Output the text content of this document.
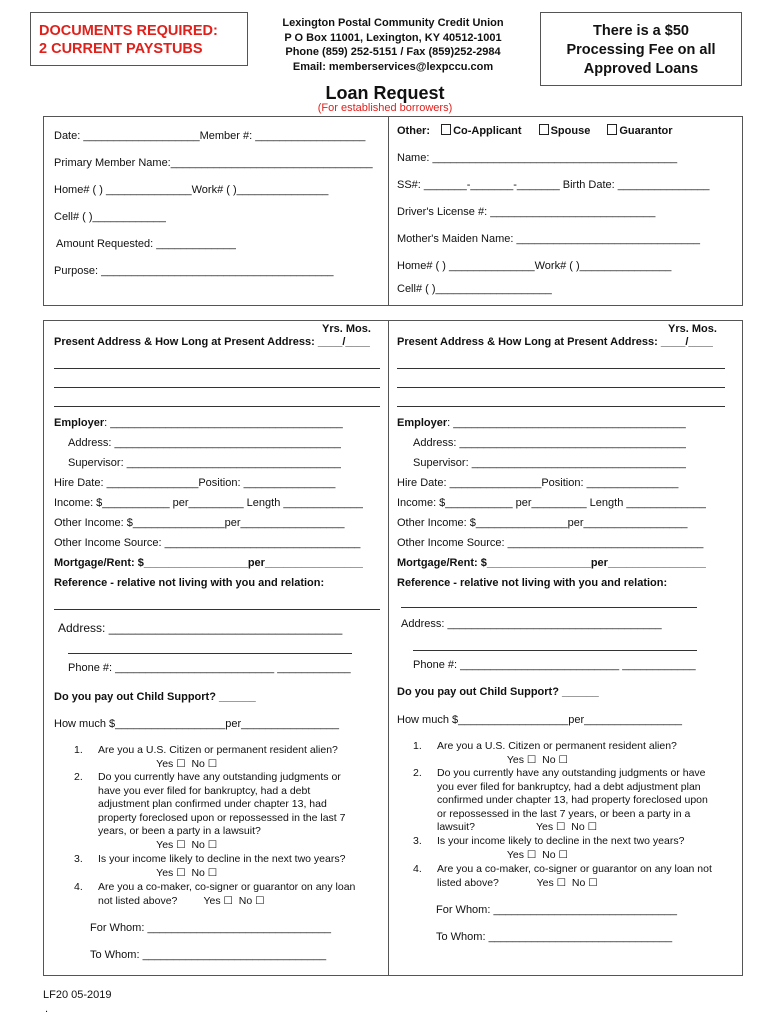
DOCUMENTS REQUIRED:
2 CURRENT PAYSTUBS
Lexington Postal Community Credit Union
P O Box 11001, Lexington, KY 40512-1001
Phone (859) 252-5151 / Fax (859)252-2984
Email: memberservices@lexpccu.com
There is a $50
Processing Fee on all
Approved Loans
Loan Request
(For established borrowers)
Date: ___________________Member #: __________________
Primary Member Name:_________________________________
Home# ( ) ______________Work# ( )_______________
Cell# ( )____________
Amount Requested: _____________
Purpose: ______________________________________
Other: Co-Applicant	Spouse	Guarantor
Name: ________________________________________
SS#: _______-_______-_______ Birth Date: _______________
Driver's License #: ___________________________
Mother's Maiden Name: ______________________________
Home# ( ) ______________Work# ( )_______________
Cell# ( )___________________
Yrs. Mos.
Present Address & How Long at Present Address: ____/____
Employer: ______________________________________
Address: _____________________________________
Supervisor: ___________________________________
Hire Date: _______________Position: _______________
Income: $___________ per_________ Length _____________
Other Income: $_______________per_________________
Other Income Source: ________________________________
Mortgage/Rent: $_________________per________________
Reference - relative not living with you and relation:
Address: ___________________________________
Phone #: __________________________ ____________
Do you pay out Child Support? ______
How much $__________________per________________
1. Are you a U.S. Citizen or permanent resident alien?
Yes ☐  No ☐
2. Do you currently have any outstanding judgments or
have you ever filed for bankruptcy, had a debt
adjustment plan confirmed under chapter 13, had
property foreclosed upon or repossessed in the last 7
years, or been a party in a lawsuit?
Yes ☐  No ☐
3. Is your income likely to decline in the next two years?
Yes ☐  No ☐
4. Are you a co-maker, co-signer or guarantor on any loan
not listed above?         Yes ☐  No ☐
For Whom: ______________________________
To Whom: ______________________________
Yrs. Mos.
Present Address & How Long at Present Address: ____/____
Employer: ______________________________________
Address: _____________________________________
Supervisor: ___________________________________
Hire Date: _______________Position: _______________
Income: $___________ per_________ Length _____________
Other Income: $_______________per_________________
Other Income Source: ________________________________
Mortgage/Rent: $_________________per________________
Reference - relative not living with you and relation:
Address: ___________________________________
Phone #: __________________________ ____________
Do you pay out Child Support? ______
How much $__________________per________________
1. Are you a U.S. Citizen or permanent resident alien?
Yes ☐  No ☐
2. Do you currently have any outstanding judgments or have
you ever filed for bankruptcy, had a debt adjustment plan
confirmed under chapter 13, had property foreclosed upon
or repossessed in the last 7 years, or been a party in a
lawsuit?                     Yes ☐  No ☐
3. Is your income likely to decline in the next two years?
Yes ☐  No ☐
4. Are you a co-maker, co-signer or guarantor on any loan not
listed above?             Yes ☐  No ☐
For Whom: ______________________________
To Whom: ______________________________
LF20 05-2019
.
